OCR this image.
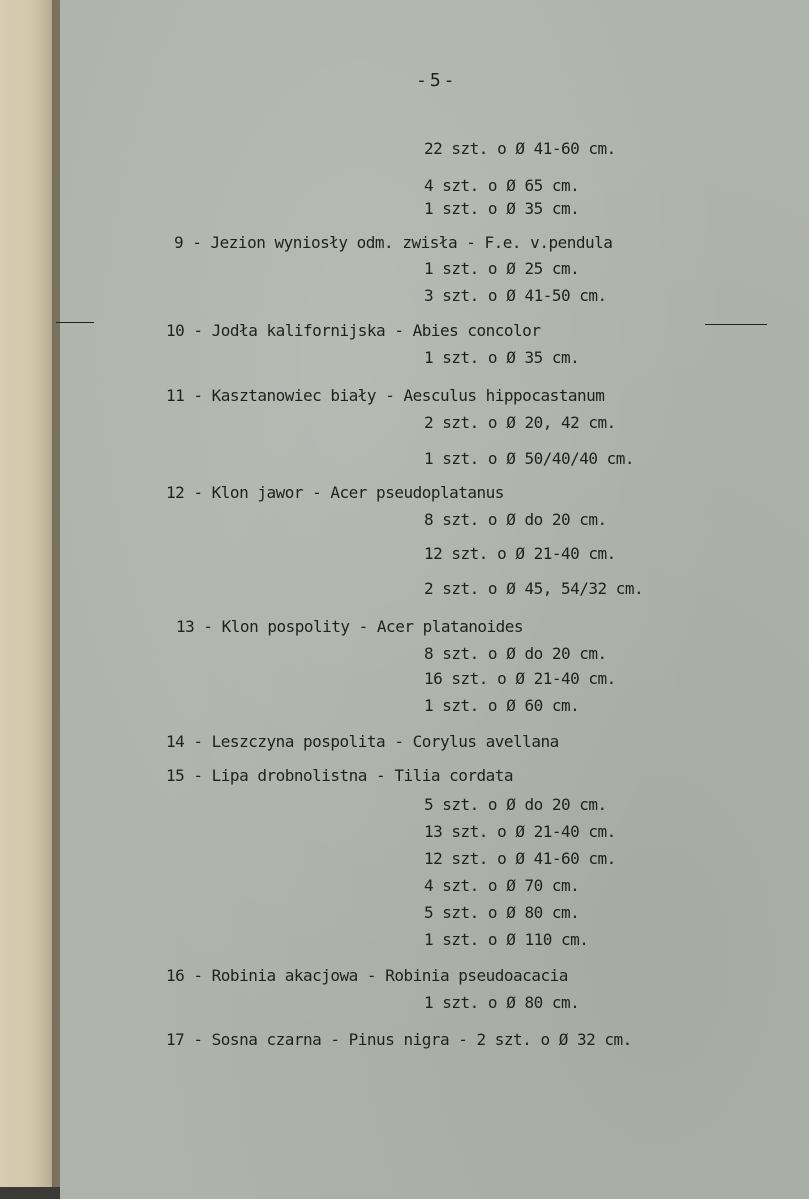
-5-
22 szt. o Ø 41-60 cm.
4 szt. o Ø 65 cm.
1 szt. o Ø 35 cm.
9 - Jezion wyniosły odm. zwisła - F.e. v.pendula
1 szt. o Ø 25 cm.
3 szt. o Ø 41-50 cm.
10 - Jodła kalifornijska - Abies concolor
1 szt. o Ø 35 cm.
11 - Kasztanowiec biały - Aesculus hippocastanum
2 szt. o Ø 20, 42 cm.
1 szt. o Ø 50/40/40 cm.
12 - Klon jawor - Acer pseudoplatanus
8 szt. o Ø do 20 cm.
12 szt. o Ø 21-40 cm.
2 szt. o Ø 45, 54/32 cm.
13 - Klon pospolity - Acer platanoides
8 szt. o Ø do 20 cm.
16 szt. o Ø 21-40 cm.
1 szt. o Ø 60 cm.
14 - Leszczyna pospolita - Corylus avellana
15 - Lipa drobnolistna - Tilia cordata
5 szt. o Ø do 20 cm.
13 szt. o Ø 21-40 cm.
12 szt. o Ø 41-60 cm.
4 szt. o Ø 70 cm.
5 szt. o Ø 80 cm.
1 szt. o Ø 110 cm.
16 - Robinia akacjowa - Robinia pseudoacacia
1 szt. o Ø 80 cm.
17 - Sosna czarna - Pinus nigra - 2 szt. o Ø 32 cm.
